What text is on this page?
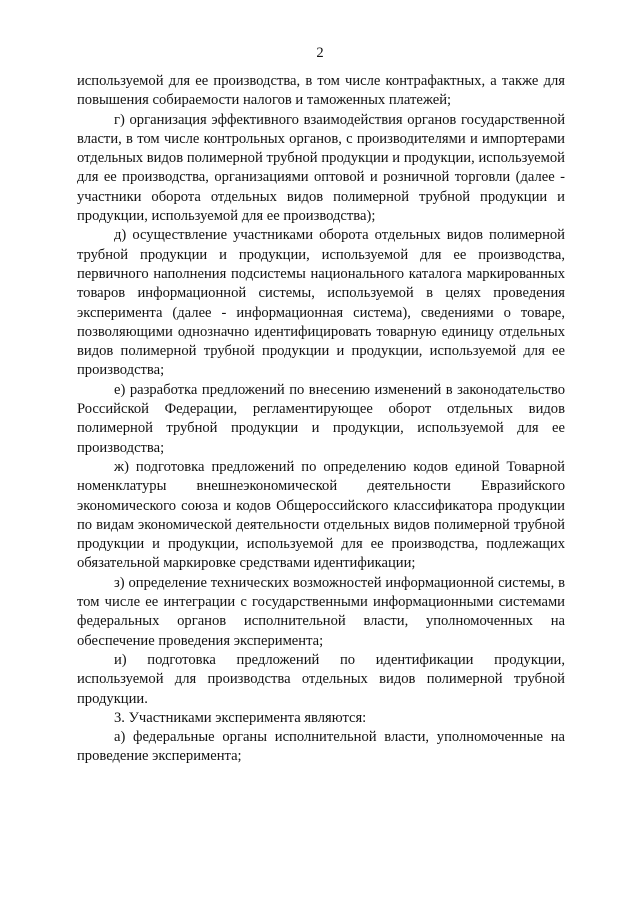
2

используемой для ее производства, в том числе контрафактных, а также для повышения собираемости налогов и таможенных платежей;

г) организация эффективного взаимодействия органов государственной власти, в том числе контрольных органов, с производителями и импортерами отдельных видов полимерной трубной продукции и продукции, используемой для ее производства, организациями оптовой и розничной торговли (далее - участники оборота отдельных видов полимерной трубной продукции и продукции, используемой для ее производства);

д) осуществление участниками оборота отдельных видов полимерной трубной продукции и продукции, используемой для ее производства, первичного наполнения подсистемы национального каталога маркированных товаров информационной системы, используемой в целях проведения эксперимента (далее - информационная система), сведениями о товаре, позволяющими однозначно идентифицировать товарную единицу отдельных видов полимерной трубной продукции и продукции, используемой для ее производства;

е) разработка предложений по внесению изменений в законодательство Российской Федерации, регламентирующее оборот отдельных видов полимерной трубной продукции и продукции, используемой для ее производства;

ж) подготовка предложений по определению кодов единой Товарной номенклатуры внешнеэкономической деятельности Евразийского экономического союза и кодов Общероссийского классификатора продукции по видам экономической деятельности отдельных видов полимерной трубной продукции и продукции, используемой для ее производства, подлежащих обязательной маркировке средствами идентификации;

з) определение технических возможностей информационной системы, в том числе ее интеграции с государственными информационными системами федеральных органов исполнительной власти, уполномоченных на обеспечение проведения эксперимента;

и) подготовка предложений по идентификации продукции, используемой для производства отдельных видов полимерной трубной продукции.

3. Участниками эксперимента являются:

а) федеральные органы исполнительной власти, уполномоченные на проведение эксперимента;
